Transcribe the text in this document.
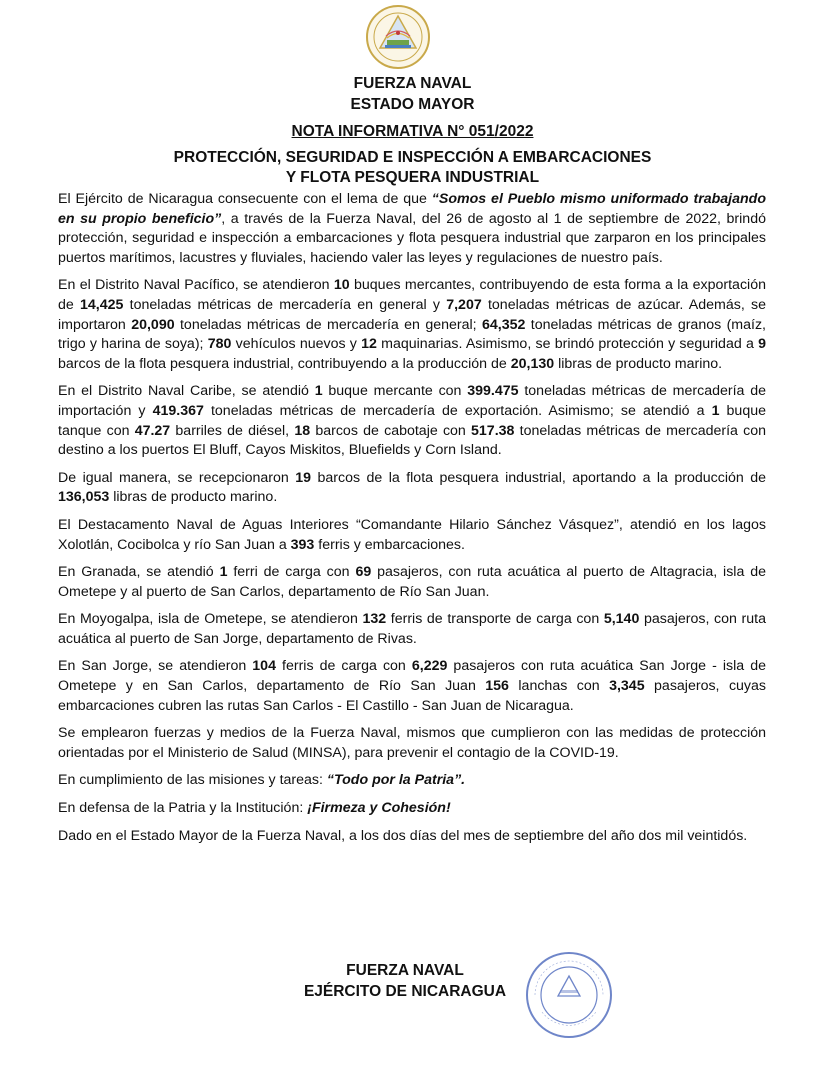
FUERZA NAVAL
ESTADO MAYOR
NOTA INFORMATIVA N° 051/2022
PROTECCIÓN, SEGURIDAD E INSPECCIÓN A EMBARCACIONES
Y FLOTA PESQUERA INDUSTRIAL

El Ejército de Nicaragua consecuente con el lema de que “Somos el Pueblo mismo uniformado trabajando en su propio beneficio”, a través de la Fuerza Naval, del 26 de agosto al 1 de septiembre de 2022, brindó protección, seguridad e inspección a embarcaciones y flota pesquera industrial que zarparon en los principales puertos marítimos, lacustres y fluviales, haciendo valer las leyes y regulaciones de nuestro país.

En el Distrito Naval Pacífico, se atendieron 10 buques mercantes, contribuyendo de esta forma a la exportación de 14,425 toneladas métricas de mercadería en general y 7,207 toneladas métricas de azúcar. Además, se importaron 20,090 toneladas métricas de mercadería en general; 64,352 toneladas métricas de granos (maíz, trigo y harina de soya); 780 vehículos nuevos y 12 maquinarias. Asimismo, se brindó protección y seguridad a 9 barcos de la flota pesquera industrial, contribuyendo a la producción de 20,130 libras de producto marino.

En el Distrito Naval Caribe, se atendió 1 buque mercante con 399.475 toneladas métricas de mercadería de importación y 419.367 toneladas métricas de mercadería de exportación. Asimismo; se atendió a 1 buque tanque con 47.27 barriles de diésel, 18 barcos de cabotaje con 517.38 toneladas métricas de mercadería con destino a los puertos El Bluff, Cayos Miskitos, Bluefields y Corn Island.

De igual manera, se recepcionaron 19 barcos de la flota pesquera industrial, aportando a la producción de 136,053 libras de producto marino.

El Destacamento Naval de Aguas Interiores “Comandante Hilario Sánchez Vásquez”, atendió en los lagos Xolotlán, Cocibolca y río San Juan a 393 ferris y embarcaciones.

En Granada, se atendió 1 ferri de carga con 69 pasajeros, con ruta acuática al puerto de Altagracia, isla de Ometepe y al puerto de San Carlos, departamento de Río San Juan.

En Moyogalpa, isla de Ometepe, se atendieron 132 ferris de transporte de carga con 5,140 pasajeros, con ruta acuática al puerto de San Jorge, departamento de Rivas.

En San Jorge, se atendieron 104 ferris de carga con 6,229 pasajeros con ruta acuática San Jorge - isla de Ometepe y en San Carlos, departamento de Río San Juan 156 lanchas con 3,345 pasajeros, cuyas embarcaciones cubren las rutas San Carlos - El Castillo - San Juan de Nicaragua.

Se emplearon fuerzas y medios de la Fuerza Naval, mismos que cumplieron con las medidas de protección orientadas por el Ministerio de Salud (MINSA), para prevenir el contagio de la COVID-19.

En cumplimiento de las misiones y tareas: “Todo por la Patria”.

En defensa de la Patria y la Institución: ¡Firmeza y Cohesión!

Dado en el Estado Mayor de la Fuerza Naval, a los dos días del mes de septiembre del año dos mil veintidós.

FUERZA NAVAL
EJÉRCITO DE NICARAGUA
